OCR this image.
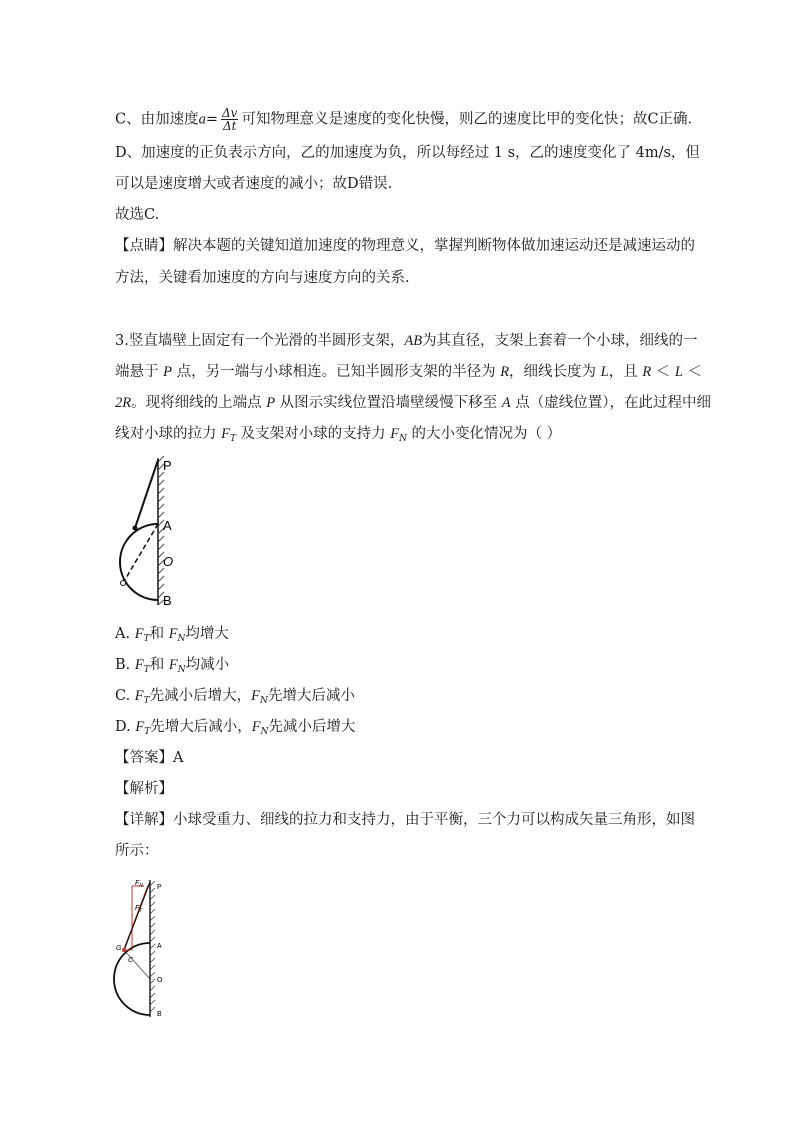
C、由加速度$a= \frac{\Delta v}{\Delta t}$ 可知物理意义是速度的变化快慢，则乙的速度比甲的变化快；故C正确.
D、加速度的正负表示方向，乙的加速度为负，所以每经过 1 s，乙的速度变化了 4m/s，但
可以是速度增大或者速度的减小；故D错误.
故选C.
【点睛】解决本题的关键知道加速度的物理意义，掌握判断物体做加速运动还是减速运动的
方法，关键看加速度的方向与速度方向的关系.
3.竖直墙壁上固定有一个光滑的半圆形支架，AB为其直径，支架上套着一个小球，细线的一
端悬于 P 点，另一端与小球相连。已知半圆形支架的半径为 R，细线长度为 L，且 R ＜ L ＜
2R。现将细线的上端点 P 从图示实线位置沿墙壁缓慢下移至 A 点（虚线位置），在此过程中细
线对小球的拉力 $F_T$ 及支架对小球的支持力 $F_N$ 的大小变化情况为（ ）
P
A
O
B
A. $F_T$和 $F_N$均增大
B. $F_T$和 $F_N$均减小
C. $F_T$先减小后增大，$F_N$先增大后减小
D. $F_T$先增大后减小，$F_N$先减小后增大
【答案】A
【解析】
【详解】小球受重力、细线的拉力和支持力，由于平衡，三个力可以构成矢量三角形，如图
所示：
$F_N$
$F_T$
P
G
C
A
O
B
